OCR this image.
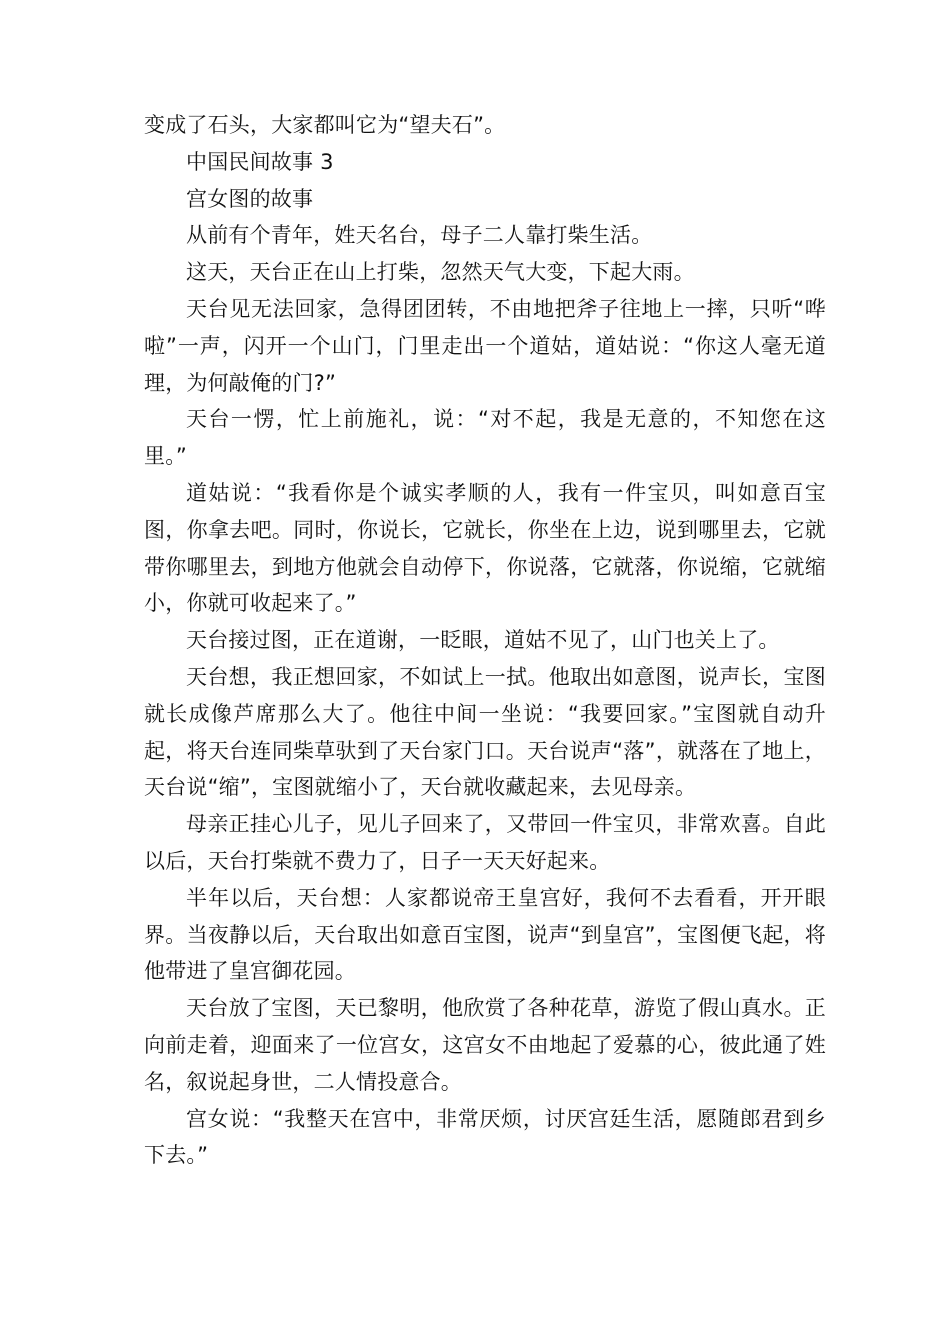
变成了石头，大家都叫它为“望夫石”。

中国民间故事 3

宫女图的故事

从前有个青年，姓天名台，母子二人靠打柴生活。

这天，天台正在山上打柴，忽然天气大变，下起大雨。

天台见无法回家，急得团团转，不由地把斧子往地上一摔，只听“哗啦”一声，闪开一个山门，门里走出一个道姑，道姑说：“你这人毫无道理，为何敲俺的门?”

天台一愣，忙上前施礼，说：“对不起，我是无意的，不知您在这里。”

道姑说：“我看你是个诚实孝顺的人，我有一件宝贝，叫如意百宝图，你拿去吧。同时，你说长，它就长，你坐在上边，说到哪里去，它就带你哪里去，到地方他就会自动停下，你说落，它就落，你说缩，它就缩小，你就可收起来了。”

天台接过图，正在道谢，一眨眼，道姑不见了，山门也关上了。

天台想，我正想回家，不如试上一拭。他取出如意图，说声长，宝图就长成像芦席那么大了。他往中间一坐说：“我要回家。”宝图就自动升起，将天台连同柴草驮到了天台家门口。天台说声“落”，就落在了地上，天台说“缩”，宝图就缩小了，天台就收藏起来，去见母亲。

母亲正挂心儿子，见儿子回来了，又带回一件宝贝，非常欢喜。自此以后，天台打柴就不费力了，日子一天天好起来。

半年以后，天台想：人家都说帝王皇宫好，我何不去看看，开开眼界。当夜静以后，天台取出如意百宝图，说声“到皇宫”，宝图便飞起，将他带进了皇宫御花园。

天台放了宝图，天已黎明，他欣赏了各种花草，游览了假山真水。正向前走着，迎面来了一位宫女，这宫女不由地起了爱慕的心，彼此通了姓名，叙说起身世，二人情投意合。

宫女说：“我整天在宫中，非常厌烦，讨厌宫廷生活，愿随郎君到乡下去。”
